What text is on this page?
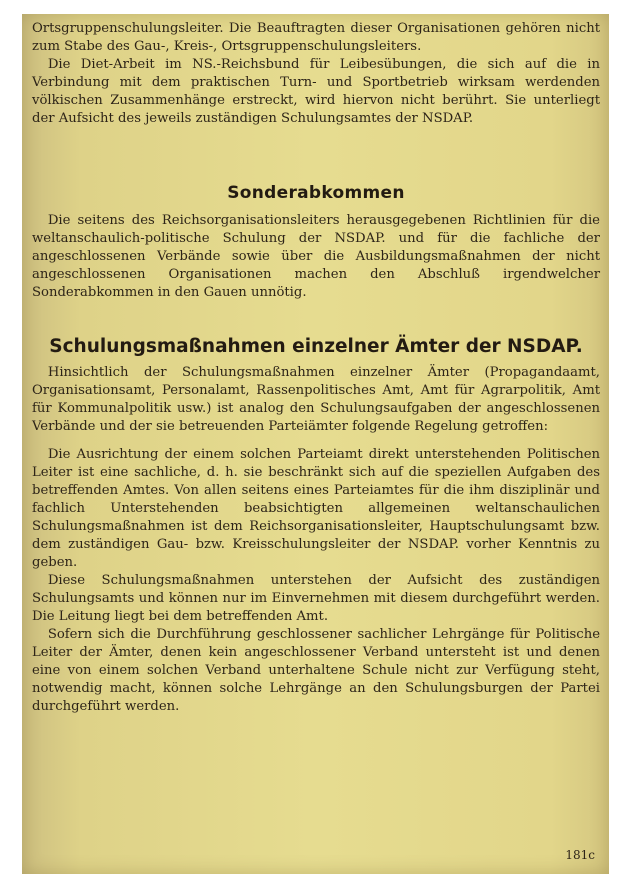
Ortsgruppenschulungsleiter. Die Beauftragten dieser Organisationen gehören nicht zum Stabe des Gau-, Kreis-, Ortsgruppenschulungsleiters.

Die Diet-Arbeit im NS.-Reichsbund für Leibesübungen, die sich auf die in Verbindung mit dem praktischen Turn- und Sportbetrieb wirksam werdenden völkischen Zusammenhänge erstreckt, wird hiervon nicht berührt. Sie unterliegt der Aufsicht des jeweils zuständigen Schulungsamtes der NSDAP.

Sonderabkommen

Die seitens des Reichsorganisationsleiters herausgegebenen Richtlinien für die weltanschaulich-politische Schulung der NSDAP. und für die fachliche der angeschlossenen Verbände sowie über die Ausbildungsmaßnahmen der nicht angeschlossenen Organisationen machen den Abschluß irgendwelcher Sonderabkommen in den Gauen unnötig.

Schulungsmaßnahmen einzelner Ämter der NSDAP.

Hinsichtlich der Schulungsmaßnahmen einzelner Ämter (Propagandaamt, Organisationsamt, Personalamt, Rassenpolitisches Amt, Amt für Agrarpolitik, Amt für Kommunalpolitik usw.) ist analog den Schulungsaufgaben der angeschlossenen Verbände und der sie betreuenden Parteiämter folgende Regelung getroffen:

Die Ausrichtung der einem solchen Parteiamt direkt unterstehenden Politischen Leiter ist eine sachliche, d. h. sie beschränkt sich auf die speziellen Aufgaben des betreffenden Amtes. Von allen seitens eines Parteiamtes für die ihm disziplinär und fachlich Unterstehenden beabsichtigten allgemeinen weltanschaulichen Schulungsmaßnahmen ist dem Reichsorganisationsleiter, Hauptschulungsamt bzw. dem zuständigen Gau- bzw. Kreisschulungsleiter der NSDAP. vorher Kenntnis zu geben.

Diese Schulungsmaßnahmen unterstehen der Aufsicht des zuständigen Schulungsamts und können nur im Einvernehmen mit diesem durchgeführt werden. Die Leitung liegt bei dem betreffenden Amt.

Sofern sich die Durchführung geschlossener sachlicher Lehrgänge für Politische Leiter der Ämter, denen kein angeschlossener Verband untersteht ist und denen eine von einem solchen Verband unterhaltene Schule nicht zur Verfügung steht, notwendig macht, können solche Lehrgänge an den Schulungsburgen der Partei durchgeführt werden.

181c
